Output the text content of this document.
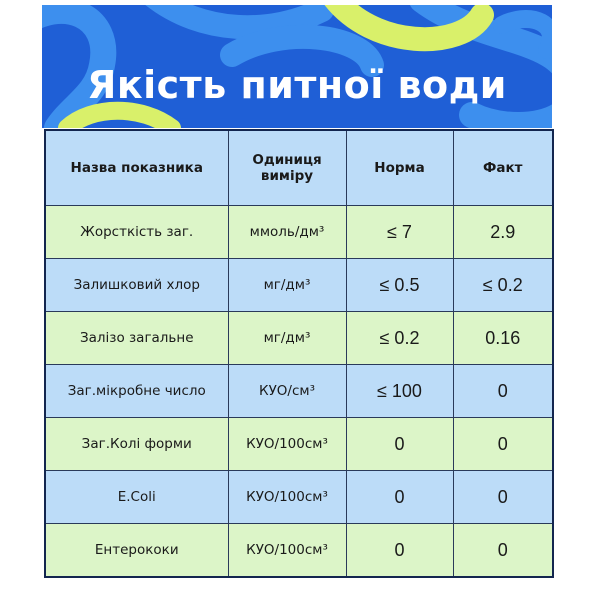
Якість питної води
Назва показника	Одиниця виміру	Норма	Факт
Жорсткість заг.	ммоль/дм³	≤ 7	2.9
Залишковий хлор	мг/дм³	≤ 0.5	≤ 0.2
Залізо загальне	мг/дм³	≤ 0.2	0.16
Заг.мікробне число	КУО/см³	≤ 100	0
Заг.Колі форми	КУО/100см³	0	0
E.Coli	КУО/100см³	0	0
Ентерококи	КУО/100см³	0	0
